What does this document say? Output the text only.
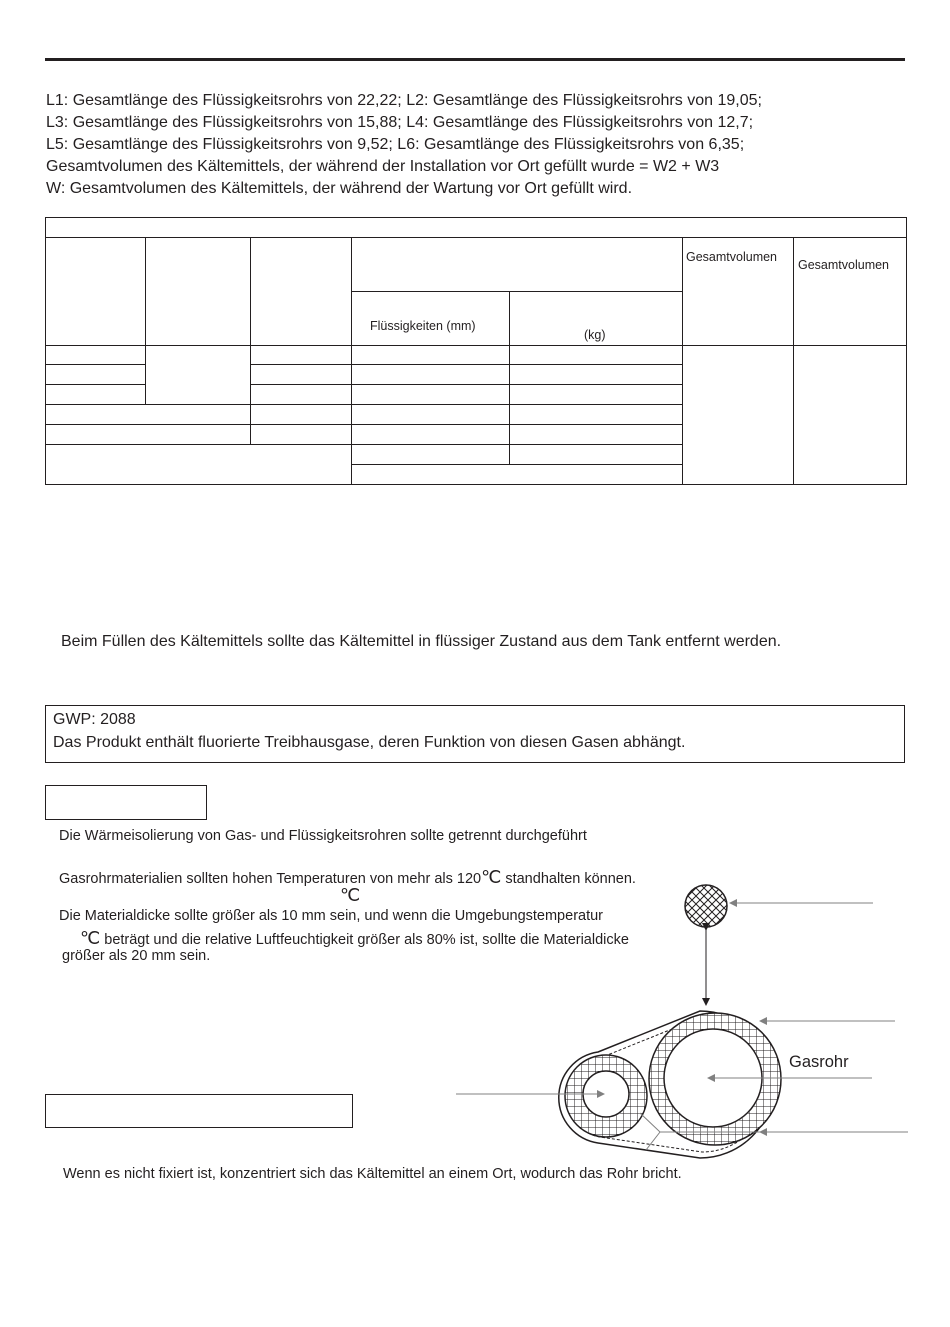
L1: Gesamtlänge des Flüssigkeitsrohrs von 22,22; L2: Gesamtlänge des Flüssigkeitsrohrs von 19,05;
L3: Gesamtlänge des Flüssigkeitsrohrs von 15,88; L4: Gesamtlänge des Flüssigkeitsrohrs von 12,7;
L5: Gesamtlänge des Flüssigkeitsrohrs von 9,52; L6: Gesamtlänge des Flüssigkeitsrohrs von 6,35;
Gesamtvolumen des Kältemittels, der während der Installation vor Ort gefüllt wurde = W2 + W3
W: Gesamtvolumen des Kältemittels, der während der Wartung vor Ort gefüllt wird.
Gesamtvolumen
Gesamtvolumen
Flüssigkeiten (mm)
(kg)
Beim Füllen des Kältemittels sollte das Kältemittel in flüssiger Zustand aus dem Tank entfernt werden.
GWP: 2088
Das Produkt enthält fluorierte Treibhausgase, deren Funktion von diesen Gasen abhängt.
Die Wärmeisolierung von Gas- und Flüssigkeitsrohren sollte getrennt durchgeführt
Gasrohrmaterialien sollten hohen Temperaturen von mehr als 120℃ standhalten können.
℃
Die Materialdicke sollte größer als 10 mm sein, und wenn die Umgebungstemperatur
℃ beträgt und die relative Luftfeuchtigkeit größer als 80% ist, sollte die Materialdicke
größer als 20 mm sein.
Gasrohr
Wenn es nicht fixiert ist, konzentriert sich das Kältemittel an einem Ort, wodurch das Rohr bricht.
